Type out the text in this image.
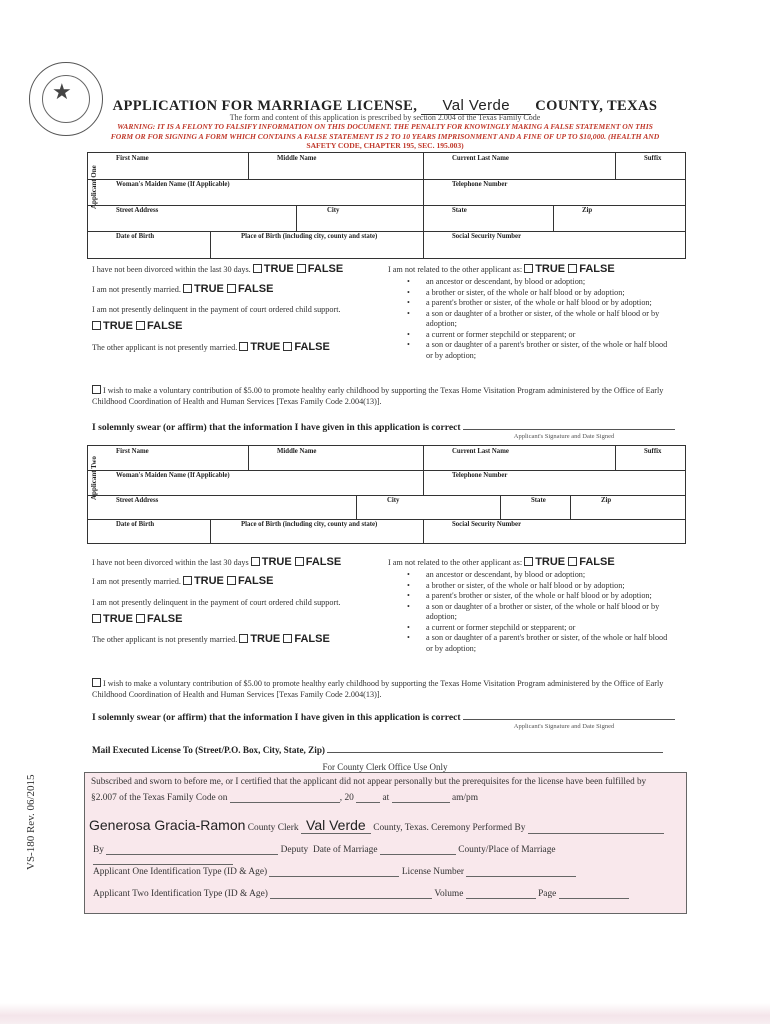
★
APPLICATION FOR MARRIAGE LICENSE, Val Verde COUNTY, TEXAS
The form and content of this application is prescribed by section 2.004 of the Texas Family Code
WARNING: IT IS A FELONY TO FALSIFY INFORMATION ON THIS DOCUMENT. THE PENALTY FOR KNOWINGLY MAKING A FALSE STATEMENT ON THIS
FORM OR FOR SIGNING A FORM WHICH CONTAINS A FALSE STATEMENT IS 2 TO 10 YEARS IMPRISONMENT AND A FINE OF UP TO $10,000. (HEALTH AND
SAFETY CODE, CHAPTER 195, SEC. 195.003)
Applicant One
First Name	Middle Name	Current Last Name	Suffix
Woman's Maiden Name (If Applicable)	Telephone Number
Street Address	City	State	Zip
Date of Birth	Place of Birth (including city, county and state)	Social Security Number
I have not been divorced within the last 30 days. TRUE FALSE
I am not presently married. TRUE FALSE
I am not presently delinquent in the payment of court ordered child support.
TRUE FALSE
The other applicant is not presently married. TRUE FALSE
I am not related to the other applicant as: TRUE FALSE
• an ancestor or descendant, by blood or adoption;
• a brother or sister, of the whole or half blood or by adoption;
• a parent's brother or sister, of the whole or half blood or by adoption;
• a son or daughter of a brother or sister, of the whole or half blood or by adoption;
• a current or former stepchild or stepparent; or
• a son or daughter of a parent's brother or sister, of the whole or half blood or by adoption;
I wish to make a voluntary contribution of $5.00 to promote healthy early childhood by supporting the Texas Home Visitation Program administered by the Office of Early
Childhood Coordination of Health and Human Services [Texas Family Code 2.004(13)].
I solemnly swear (or affirm) that the information I have given in this application is correct
Applicant's Signature and Date Signed
Applicant Two
First Name	Middle Name	Current Last Name	Suffix
Woman's Maiden Name (If Applicable)	Telephone Number
Street Address	City	State	Zip
Date of Birth	Place of Birth (including city, county and state)	Social Security Number
I have not been divorced within the last 30 days TRUE FALSE
I am not presently married. TRUE FALSE
I am not presently delinquent in the payment of court ordered child support.
TRUE FALSE
The other applicant is not presently married. TRUE FALSE
I am not related to the other applicant as: TRUE FALSE
• an ancestor or descendant, by blood or adoption;
• a brother or sister, of the whole or half blood or by adoption;
• a parent's brother or sister, of the whole or half blood or by adoption;
• a son or daughter of a brother or sister, of the whole or half blood or by adoption;
• a current or former stepchild or stepparent; or
• a son or daughter of a parent's brother or sister, of the whole or half blood or by adoption;
I wish to make a voluntary contribution of $5.00 to promote healthy early childhood by supporting the Texas Home Visitation Program administered by the Office of Early
Childhood Coordination of Health and Human Services [Texas Family Code 2.004(13)].
I solemnly swear (or affirm) that the information I have given in this application is correct
Applicant's Signature and Date Signed
Mail Executed License To (Street/P.O. Box, City, State, Zip)
For County Clerk Office Use Only
Subscribed and sworn to before me, or I certified that the applicant did not appear personally but the prerequisites for the license have been fulfilled by
§2.007 of the Texas Family Code on	, 20	at	am/pm
Generosa Gracia-Ramon County Clerk Val Verde County, Texas. Ceremony Performed By
By	Deputy Date of Marriage	County/Place of Marriage
Applicant One Identification Type (ID & Age)	License Number
Applicant Two Identification Type (ID & Age)	Volume	Page
VS-180 Rev. 06/2015
